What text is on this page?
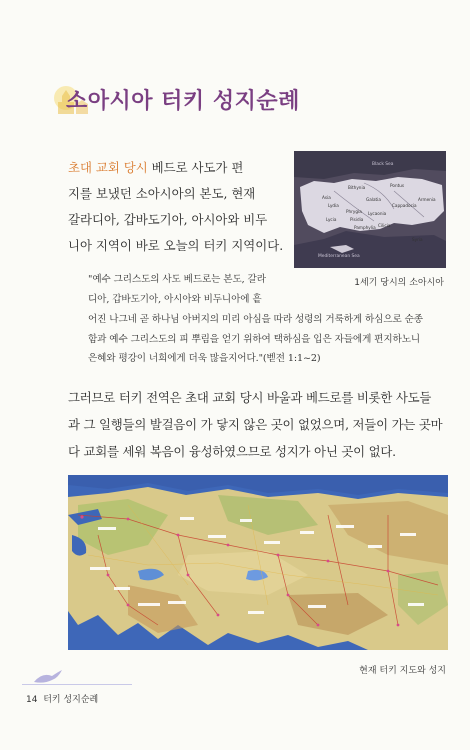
소아시아 터키 성지순례
초대 교회 당시 베드로 사도가 편
지를 보냈던 소아시아의 본도, 현재
갈라디아, 갑바도기아, 아시아와 비두
니아 지역이 바로 오늘의 터키 지역이다.
Bithynia
Galatia
Pontus
Asia
Lydia
Phrygia
Cappadocia
Lycaonia
Pisidia
Cilicia
Syria
Armenia
Lycia
Pamphylia
Mediterranean Sea
Black Sea
1세기 당시의 소아시아
"예수 그리스도의 사도 베드로는 본도, 갈라
디아, 갑바도기아, 아시아와 비두니아에 흩
어진 나그네 곧 하나님 아버지의 미리 아심을 따라 성령의 거룩하게 하심으로 순종
함과 예수 그리스도의 피 뿌림을 얻기 위하여 택하심을 입은 자들에게 편지하노니
은혜와 평강이 너희에게 더욱 많을지어다."(벧전 1:1~2)
그러므로 터키 전역은 초대 교회 당시 바울과 베드로를 비롯한 사도들
과 그 일행들의 발걸음이 가 닿지 않은 곳이 없었으며, 저들이 가는 곳마
다 교회를 세워 복음이 융성하였으므로 성지가 아닌 곳이 없다.
현재 터키 지도와 성지
14 터키 성지순례
